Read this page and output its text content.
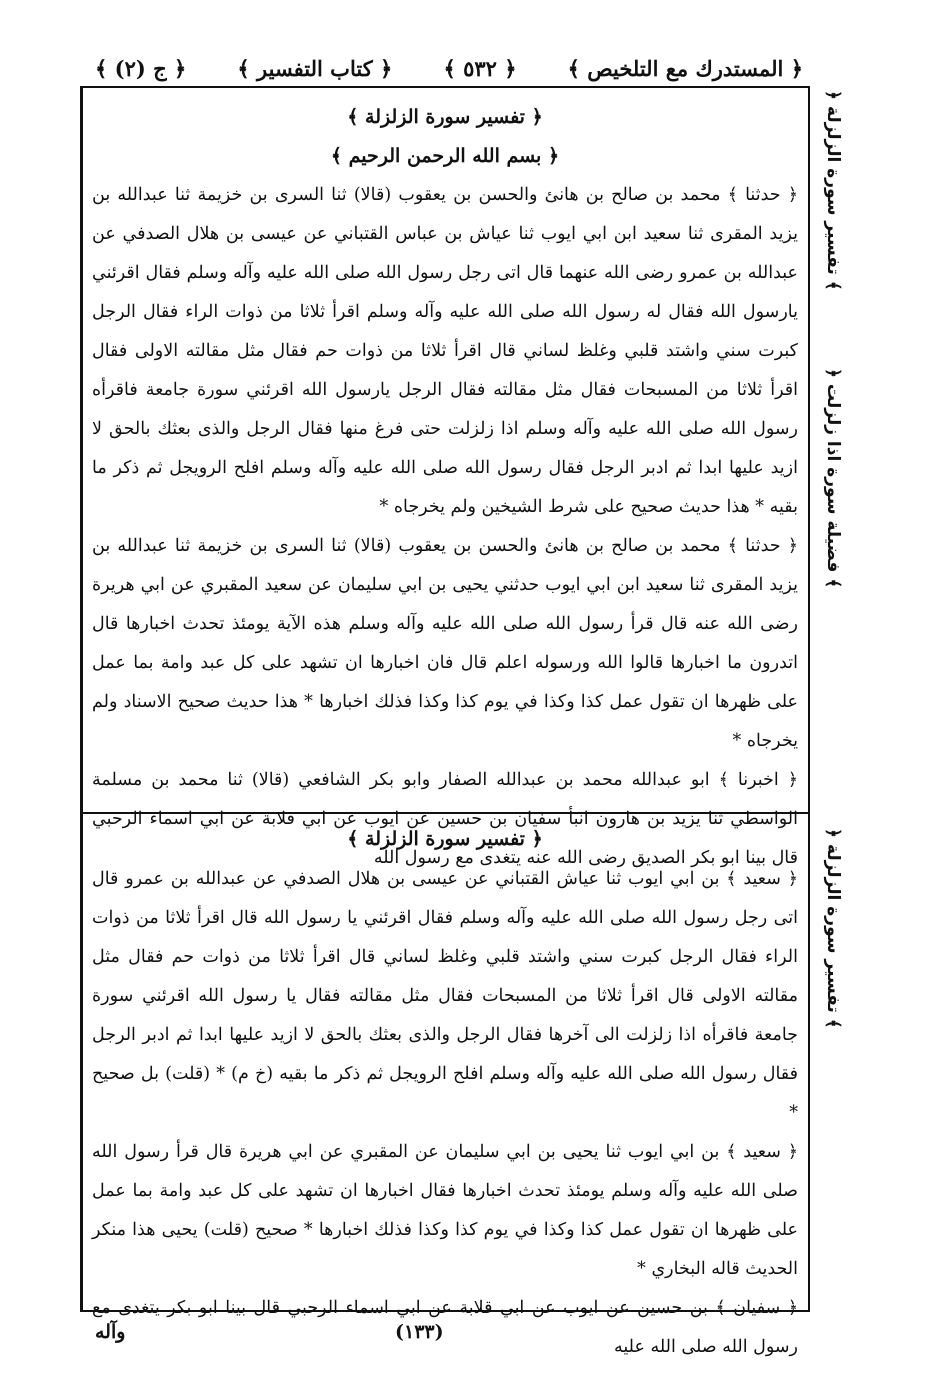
﴿ المستدرك مع التلخيص ﴾
﴿ ٥٣٢ ﴾
﴿ كتاب التفسير ﴾
﴿ ج (٢) ﴾
﴿ تفسير سورة الزلزلة ﴾
﴿ فضيلة سورة اذا زلزلت ﴾
﴿ تفسير سورة الزلزلة ﴾
﴿ تفسير سورة الزلزلة ﴾
﴿ بسم الله الرحمن الرحيم ﴾

﴿ حدثنا ﴾ محمد بن صالح بن هانئ والحسن بن يعقوب (قالا) ثنا السرى بن خزيمة ثنا عبدالله بن يزيد المقرى ثنا سعيد ابن ابي ايوب ثنا عياش بن عباس القتباني عن عيسى بن هلال الصدفي عن عبدالله بن عمرو رضى الله عنهما قال اتى رجل رسول الله صلى الله عليه وآله وسلم فقال اقرئني يارسول الله فقال له رسول الله صلى الله عليه وآله وسلم اقرأ ثلاثا من ذوات الراء فقال الرجل كبرت سني واشتد قلبي وغلظ لساني قال اقرأ ثلاثا من ذوات حم فقال مثل مقالته الاولى فقال اقرأ ثلاثا من المسبحات فقال مثل مقالته فقال الرجل يارسول الله اقرئني سورة جامعة فاقرأه رسول الله صلى الله عليه وآله وسلم اذا زلزلت حتى فرغ منها فقال الرجل والذى بعثك بالحق لا ازيد عليها ابدا ثم ادبر الرجل فقال رسول الله صلى الله عليه وآله وسلم افلح الرويجل ثم ذكر ما بقيه * هذا حديث صحيح على شرط الشيخين ولم يخرجاه *

﴿ حدثنا ﴾ محمد بن صالح بن هانئ والحسن بن يعقوب (قالا) ثنا السرى بن خزيمة ثنا عبدالله بن يزيد المقرى ثنا سعيد ابن ابي ايوب حدثني يحيى بن ابي سليمان عن سعيد المقبري عن ابي هريرة رضى الله عنه قال قرأ رسول الله صلى الله عليه وآله وسلم هذه الآية يومئذ تحدث اخبارها قال اتدرون ما اخبارها قالوا الله ورسوله اعلم قال فان اخبارها ان تشهد على كل عبد وامة بما عمل على ظهرها ان تقول عمل كذا وكذا في يوم كذا وكذا فذلك اخبارها * هذا حديث صحيح الاسناد ولم يخرجاه *

﴿ اخبرنا ﴾ ابو عبدالله محمد بن عبدالله الصفار وابو بكر الشافعي (قالا) ثنا محمد بن مسلمة الواسطي ثنا يزيد بن هارون انبأ سفيان بن حسين عن ايوب عن ابي قلابة عن ابي اسماء الرحبي قال بينا ابو بكر الصديق رضى الله عنه يتغدى مع رسول الله

﴿ تفسير سورة الزلزلة ﴾

﴿ سعيد ﴾ بن ابي ايوب ثنا عياش القتباني عن عيسى بن هلال الصدفي عن عبدالله بن عمرو قال اتى رجل رسول الله صلى الله عليه وآله وسلم فقال اقرئني يا رسول الله قال اقرأ ثلاثا من ذوات الراء فقال الرجل كبرت سني واشتد قلبي وغلظ لساني قال اقرأ ثلاثا من ذوات حم فقال مثل مقالته الاولى قال اقرأ ثلاثا من المسبحات فقال مثل مقالته فقال يا رسول الله اقرئني سورة جامعة فاقرأه اذا زلزلت الى آخرها فقال الرجل والذى بعثك بالحق لا ازيد عليها ابدا ثم ادبر الرجل فقال رسول الله صلى الله عليه وآله وسلم افلح الرويجل ثم ذكر ما بقيه (خ م) * (قلت) بل صحيح *

﴿ سعيد ﴾ بن ابي ايوب ثنا يحيى بن ابي سليمان عن المقبري عن ابي هريرة قال قرأ رسول الله صلى الله عليه وآله وسلم يومئذ تحدث اخبارها فقال اخبارها ان تشهد على كل عبد وامة بما عمل على ظهرها ان تقول عمل كذا وكذا في يوم كذا وكذا فذلك اخبارها * صحيح (قلت) يحيى هذا منكر الحديث قاله البخاري *

﴿ سفيان ﴾ بن حسين عن ايوب عن ابي قلابة عن ابي اسماء الرحبي قال بينا ابو بكر يتغدى مع رسول الله صلى الله عليه

(١٣٣)
وآله
